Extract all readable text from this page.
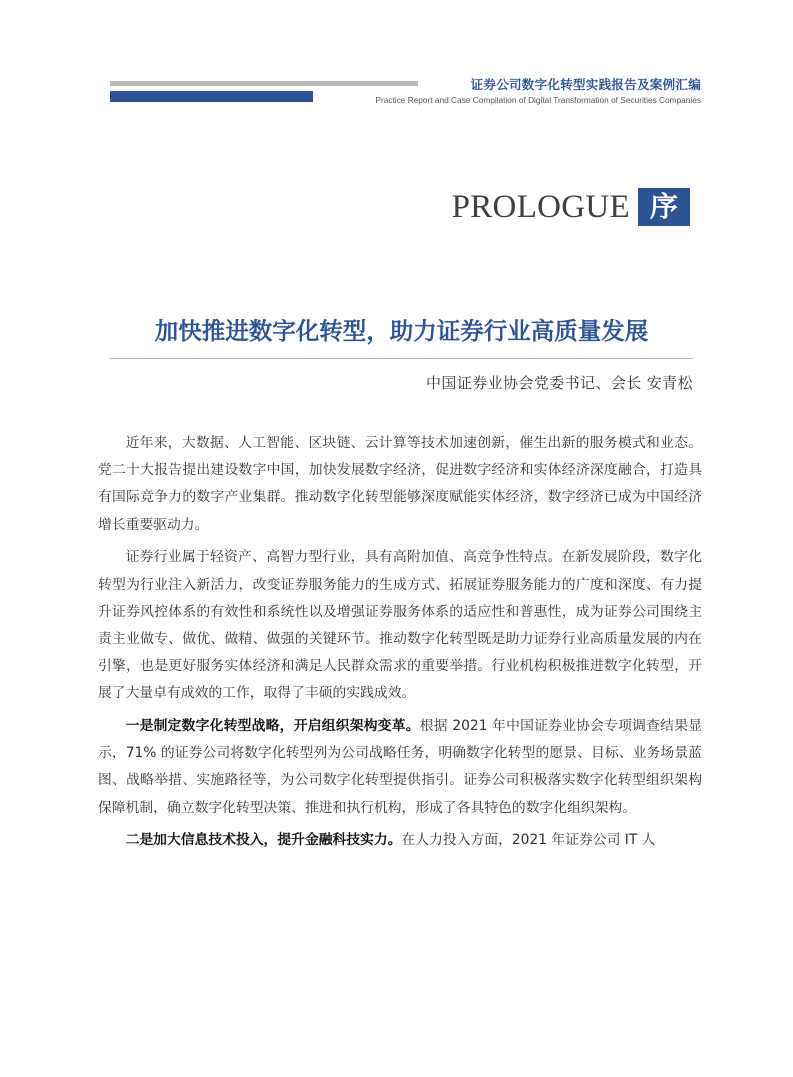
证券公司数字化转型实践报告及案例汇编
Practice Report and Case Compilation of Digital Transformation of Securities Companies
PROLOGUE 序
加快推进数字化转型，助力证券行业高质量发展
中国证券业协会党委书记、会长 安青松

近年来，大数据、人工智能、区块链、云计算等技术加速创新，催生出新的服务模式和业态。党二十大报告提出建设数字中国，加快发展数字经济，促进数字经济和实体经济深度融合，打造具有国际竞争力的数字产业集群。推动数字化转型能够深度赋能实体经济，数字经济已成为中国经济增长重要驱动力。

证券行业属于轻资产、高智力型行业，具有高附加值、高竞争性特点。在新发展阶段，数字化转型为行业注入新活力，改变证券服务能力的生成方式、拓展证券服务能力的广度和深度、有力提升证券风控体系的有效性和系统性以及增强证券服务体系的适应性和普惠性，成为证券公司围绕主责主业做专、做优、做精、做强的关键环节。推动数字化转型既是助力证券行业高质量发展的内在引擎，也是更好服务实体经济和满足人民群众需求的重要举措。行业机构积极推进数字化转型，开展了大量卓有成效的工作，取得了丰硕的实践成效。

一是制定数字化转型战略，开启组织架构变革。根据 2021 年中国证券业协会专项调查结果显示，71% 的证券公司将数字化转型列为公司战略任务，明确数字化转型的愿景、目标、业务场景蓝图、战略举措、实施路径等，为公司数字化转型提供指引。证券公司积极落实数字化转型组织架构保障机制，确立数字化转型决策、推进和执行机构，形成了各具特色的数字化组织架构。

二是加大信息技术投入，提升金融科技实力。在人力投入方面，2021 年证券公司 IT 人
